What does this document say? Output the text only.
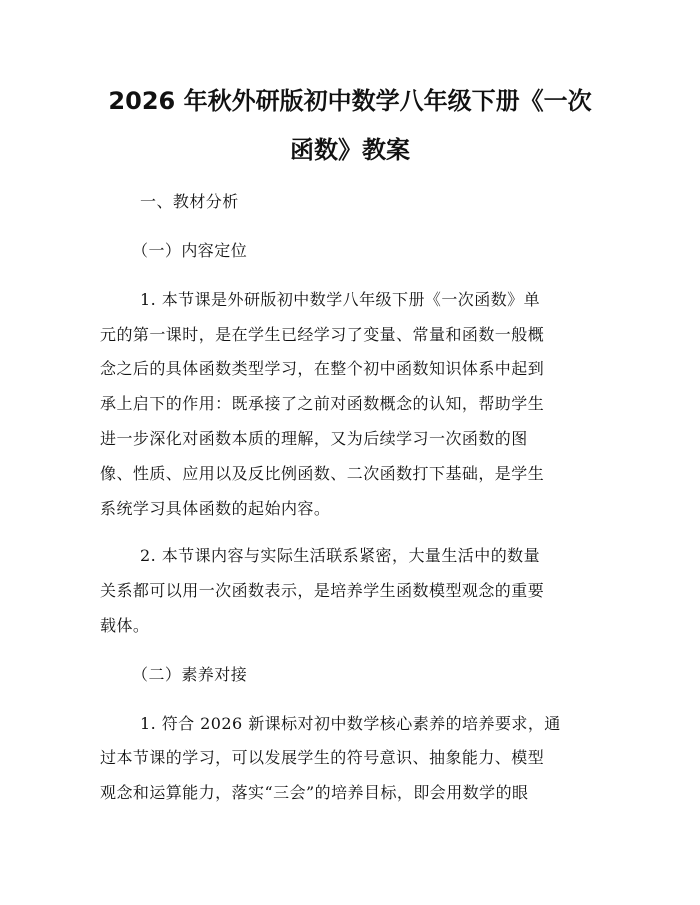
2026 年秋外研版初中数学八年级下册《一次
函数》教案

一、教材分析

（一）内容定位

1. 本节课是外研版初中数学八年级下册《一次函数》单

元的第一课时，是在学生已经学习了变量、常量和函数一般概

念之后的具体函数类型学习，在整个初中函数知识体系中起到

承上启下的作用：既承接了之前对函数概念的认知，帮助学生

进一步深化对函数本质的理解，又为后续学习一次函数的图

像、性质、应用以及反比例函数、二次函数打下基础，是学生

系统学习具体函数的起始内容。

2. 本节课内容与实际生活联系紧密，大量生活中的数量

关系都可以用一次函数表示，是培养学生函数模型观念的重要

载体。

（二）素养对接

1. 符合 2026 新课标对初中数学核心素养的培养要求，通

过本节课的学习，可以发展学生的符号意识、抽象能力、模型

观念和运算能力，落实“三会”的培养目标，即会用数学的眼
